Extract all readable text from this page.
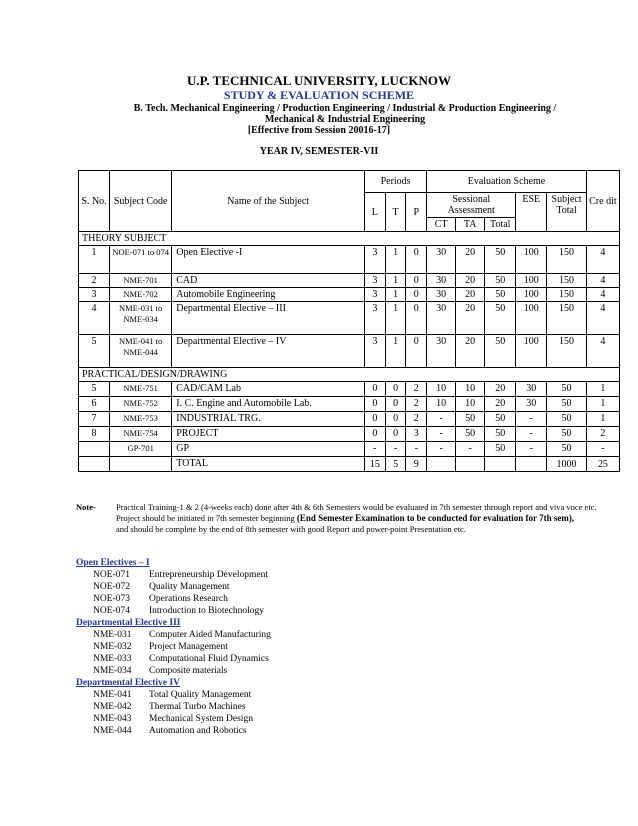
U.P. TECHNICAL UNIVERSITY, LUCKNOW
STUDY & EVALUATION SCHEME
B. Tech. Mechanical Engineering / Production Engineering / Industrial & Production Engineering / Mechanical & Industrial Engineering
[Effective from Session 20016-17]
YEAR IV, SEMESTER-VII
S. No.	Subject Code	Name of the Subject	Periods			Evaluation Scheme					Cre dit
			L	T	P	Sessional Assessment			ESE	Subject Total	
						CT	TA	Total			
THEORY SUBJECT											
1	NOE-071 to 074	Open Elective -I	3	1	0	30	20	50	100	150	4
2	NME-701	CAD	3	1	0	30	20	50	100	150	4
3	NME-702	Automobile Engineering	3	1	0	30	20	50	100	150	4
4	NME-031 to NME-034	Departmental Elective – III	3	1	0	30	20	50	100	150	4
5	NME-041 to NME-044	Departmental Elective – IV	3	1	0	30	20	50	100	150	4
PRACTICAL/DESIGN/DRAWING											
5	NME-751	CAD/CAM Lab	0	0	2	10	10	20	30	50	1
6	NME-752	I. C. Engine and Automobile Lab.	0	0	2	10	10	20	30	50	1
7	NME-753	INDUSTRIAL TRG.	0	0	2	-	50	50	-	50	1
8	NME-754	PROJECT	0	0	3	-	50	50	-	50	2
	GP-701	GP	-	-	-	-	-	50	-	50	-
		TOTAL	15	5	9					1000	25
Note- Practical Training-1 & 2 (4-weeks each) done after 4th & 6th Semesters would be evaluated in 7th semester through report and viva voce etc.
Project should be initiated in 7th semester beginning (End Semester Examination to be conducted for evaluation for 7th sem),
and should be complete by the end of 8th semester with good Report and power-point Presentation etc.
Open Electives – I
NOE-071 Entrepreneurship Development
NOE-072 Quality Management
NOE-073 Operations Research
NOE-074 Introduction to Biotechnology
Departmental Elective III
NME-031 Computer Aided Manufacturing
NME-032 Project Management
NME-033 Computational Fluid Dynamics
NME-034 Composite materials
Departmental Elective IV
NME-041 Total Quality Management
NME-042 Thermal Turbo Machines
NME-043 Mechanical System Design
NME-044 Automation and Robotics
